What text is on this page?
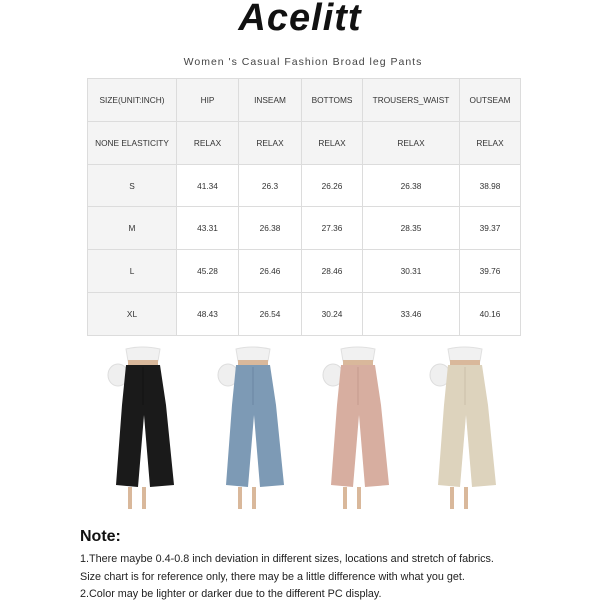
Acelitt
Women 's Casual Fashion Broad leg Pants
SIZE(UNIT:INCH)	HIP	INSEAM	BOTTOMS	TROUSERS_WAIST	OUTSEAM
NONE ELASTICITY	RELAX	RELAX	RELAX	RELAX	RELAX
S	41.34	26.3	26.26	26.38	38.98
M	43.31	26.38	27.36	28.35	39.37
L	45.28	26.46	28.46	30.31	39.76
XL	48.43	26.54	30.24	33.46	40.16
Note:
1.There maybe 0.4-0.8 inch deviation in different sizes, locations and stretch of fabrics.
Size chart is for reference only, there may be a little difference with what you get.
2.Color may be lighter or darker due to the different PC display.
